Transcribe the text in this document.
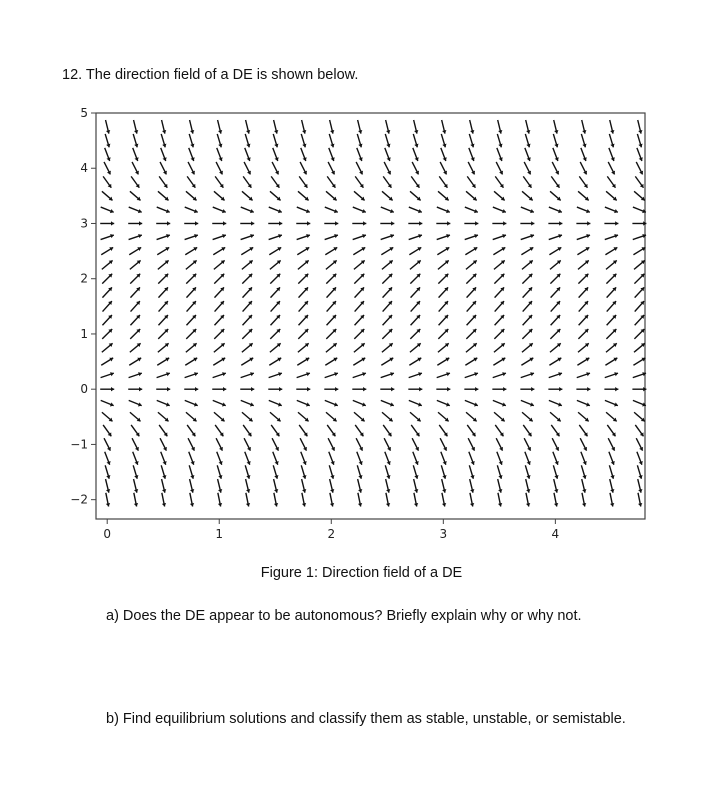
12. The direction field of a DE is shown below.
5
4
3
2
1
0
−1
−2
0	1	2	3	4
Figure 1: Direction field of a DE
a) Does the DE appear to be autonomous? Briefly explain why or why not.
b) Find equilibrium solutions and classify them as stable, unstable, or semistable.
